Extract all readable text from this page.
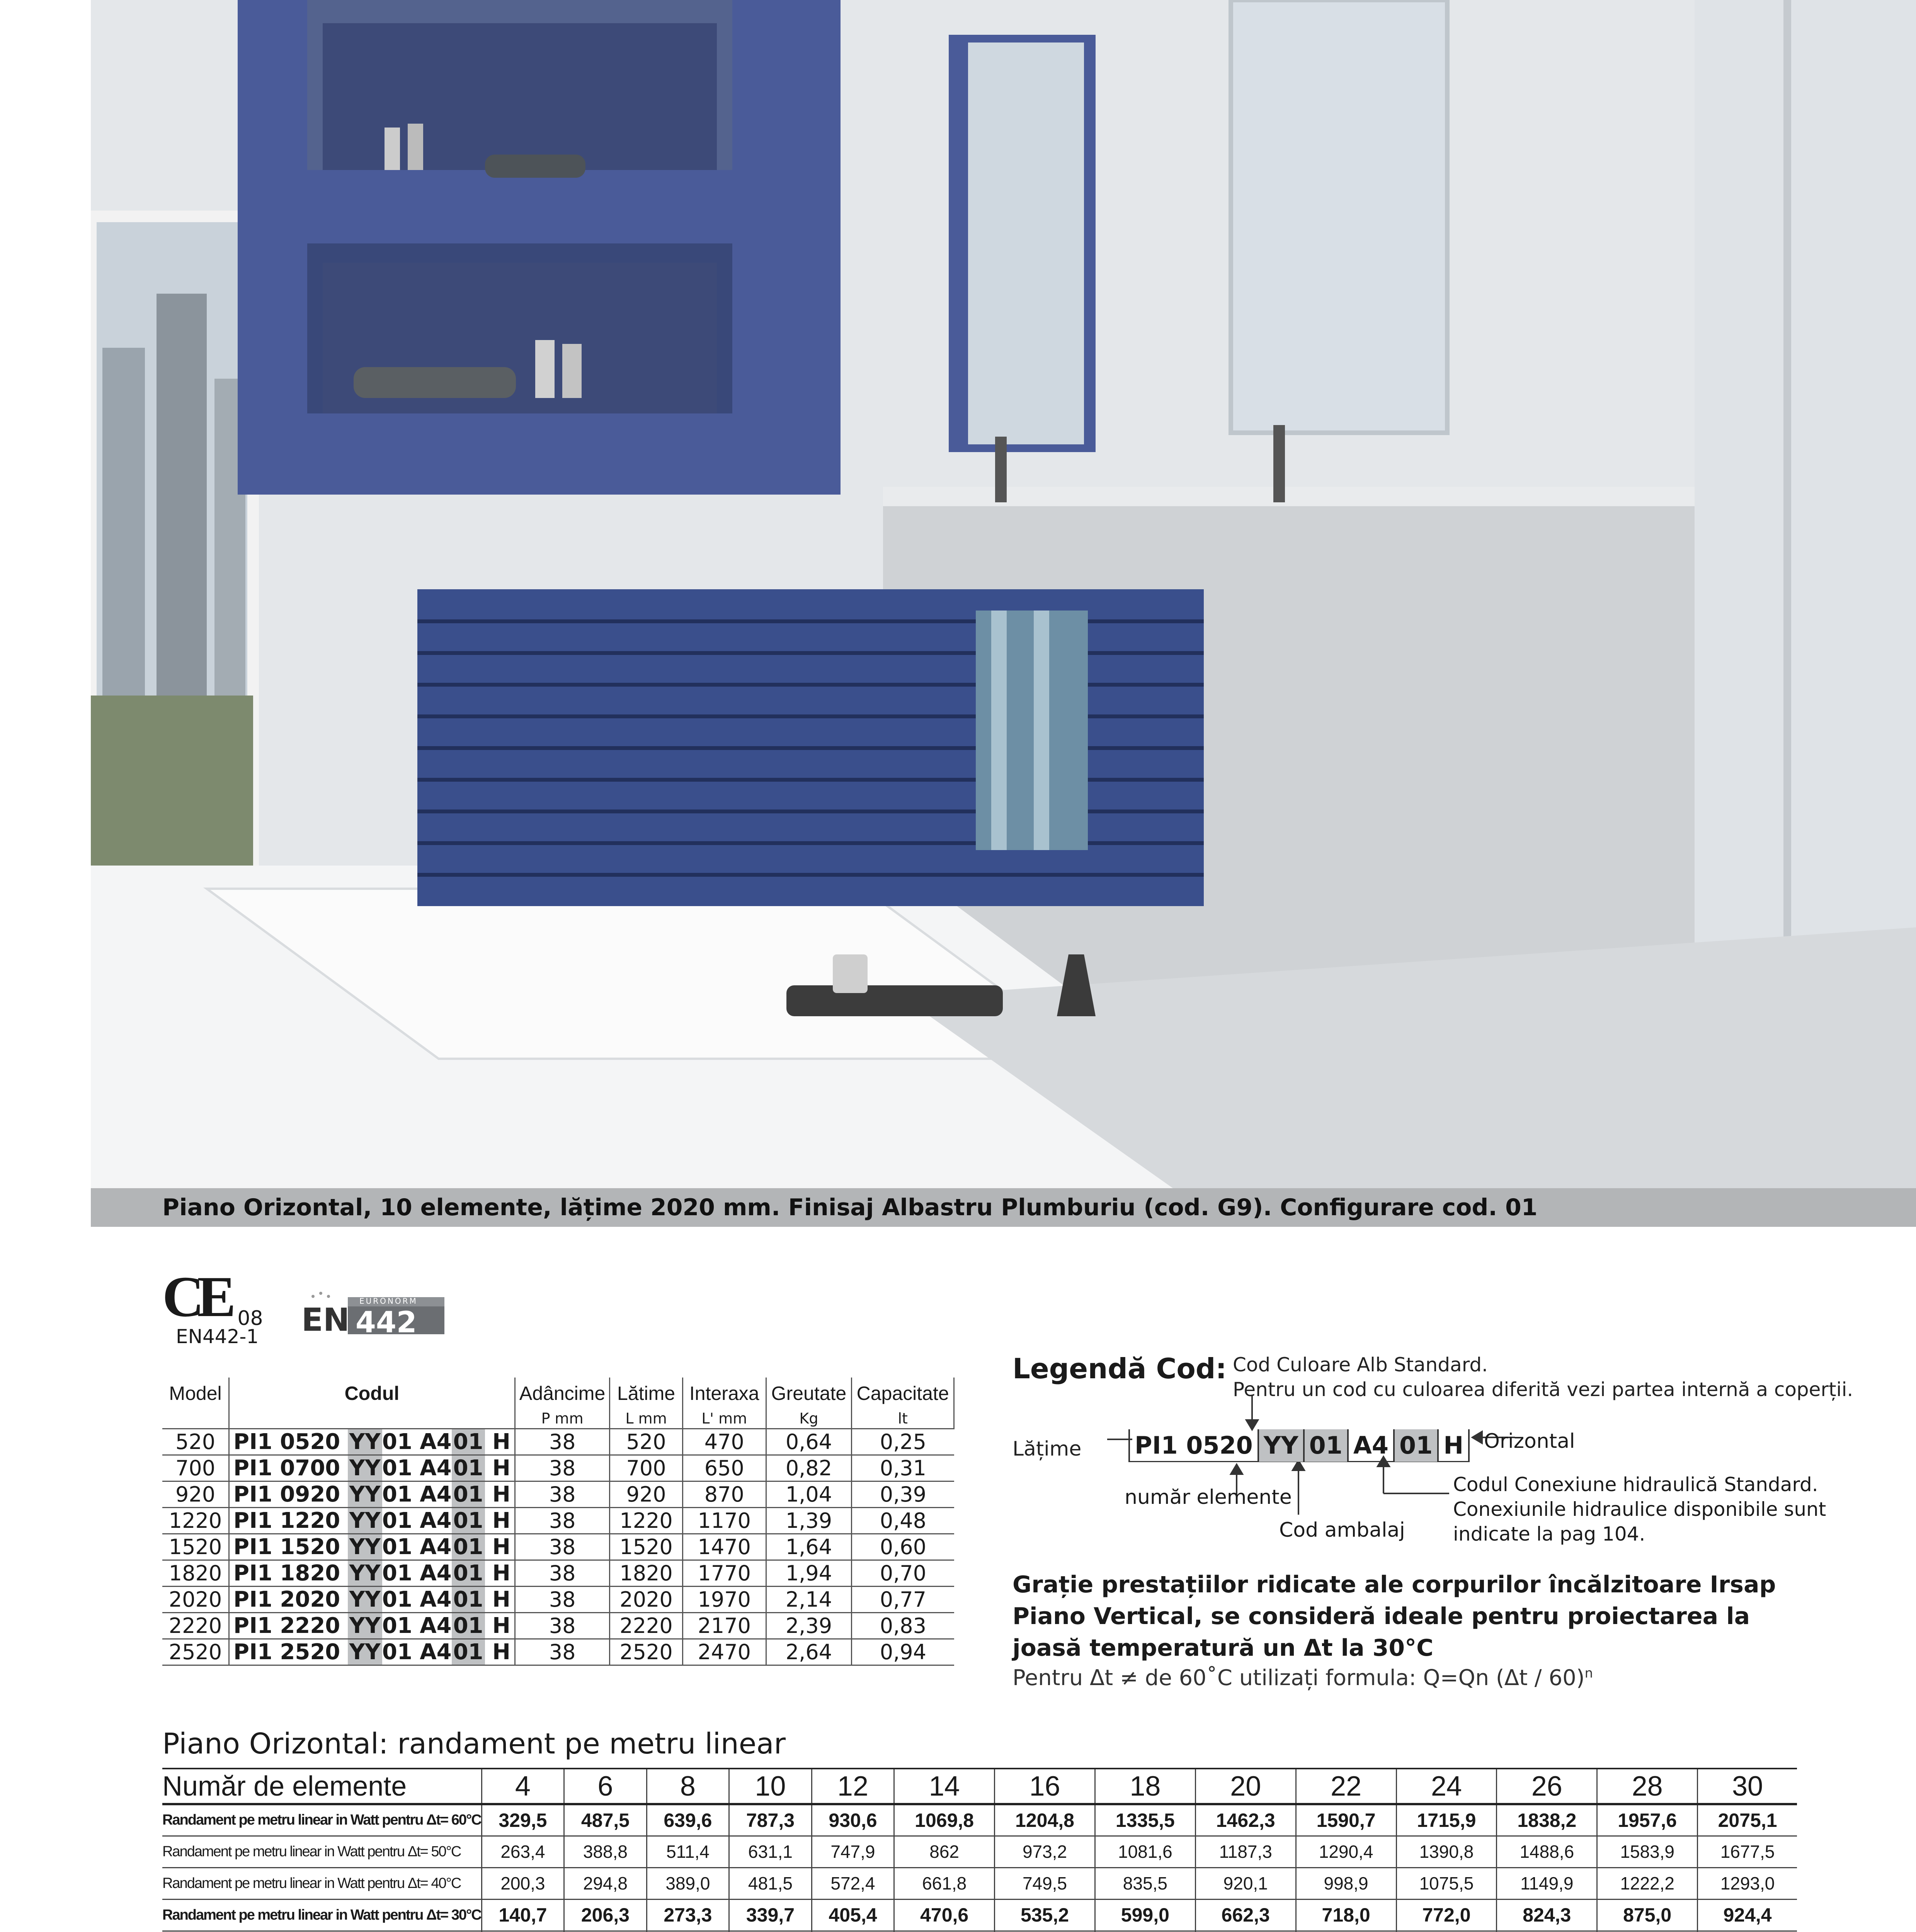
Piano Orizontal, 10 elemente, lățime 2020 mm. Finisaj Albastru Plumburiu (cod. G9). Configurare cod. 01
CE 08
EURONORM
EN 442
EN442-1
Model	Codul	Adâncime	Lătime	Interaxa	Greutate	Capacitate
		P mm	L mm	L' mm	Kg	lt
520	PI1 0520 YY01 A401 H	38	520	470	0,64	0,25
700	PI1 0700 YY01 A401 H	38	700	650	0,82	0,31
920	PI1 0920 YY01 A401 H	38	920	870	1,04	0,39
1220	PI1 1220 YY01 A401 H	38	1220	1170	1,39	0,48
1520	PI1 1520 YY01 A401 H	38	1520	1470	1,64	0,60
1820	PI1 1820 YY01 A401 H	38	1820	1770	1,94	0,70
2020	PI1 2020 YY01 A401 H	38	2020	1970	2,14	0,77
2220	PI1 2220 YY01 A401 H	38	2220	2170	2,39	0,83
2520	PI1 2520 YY01 A401 H	38	2520	2470	2,64	0,94
Legendă Cod: Cod Culoare Alb Standard.
Pentru un cod cu culoarea diferită vezi partea internă a coperții.
Lățime PI1 0520 YY 01 A4 01 H	Orizontal
număr elemente
Cod ambalaj
Codul Conexiune hidraulică Standard.
Conexiunile hidraulice disponibile sunt
indicate la pag 104.
Grație prestațiilor ridicate ale corpurilor încălzitoare Irsap Piano Vertical, se consideră ideale pentru proiectarea la joasă temperatură un Δt la 30°C
Pentru Δt ≠ de 60˚C utilizați formula: Q=Qn (Δt / 60)$^n$
Piano Orizontal: randament pe metru linear
Număr de elemente	4	6	8	10	12	14	16	18	20	22	24	26	28	30
Randament pe metru linear in Watt pentru Δt= 60°C	329,5	487,5	639,6	787,3	930,6	1069,8	1204,8	1335,5	1462,3	1590,7	1715,9	1838,2	1957,6	2075,1
Randament pe metru linear in Watt pentru Δt= 50°C	263,4	388,8	511,4	631,1	747,9	862	973,2	1081,6	1187,3	1290,4	1390,8	1488,6	1583,9	1677,5
Randament pe metru linear in Watt pentru Δt= 40°C	200,3	294,8	389,0	481,5	572,4	661,8	749,5	835,5	920,1	998,9	1075,5	1149,9	1222,2	1293,0
Randament pe metru linear in Watt pentru Δt= 30°C	140,7	206,3	273,3	339,7	405,4	470,6	535,2	599,0	662,3	718,0	772,0	824,3	875,0	924,4
